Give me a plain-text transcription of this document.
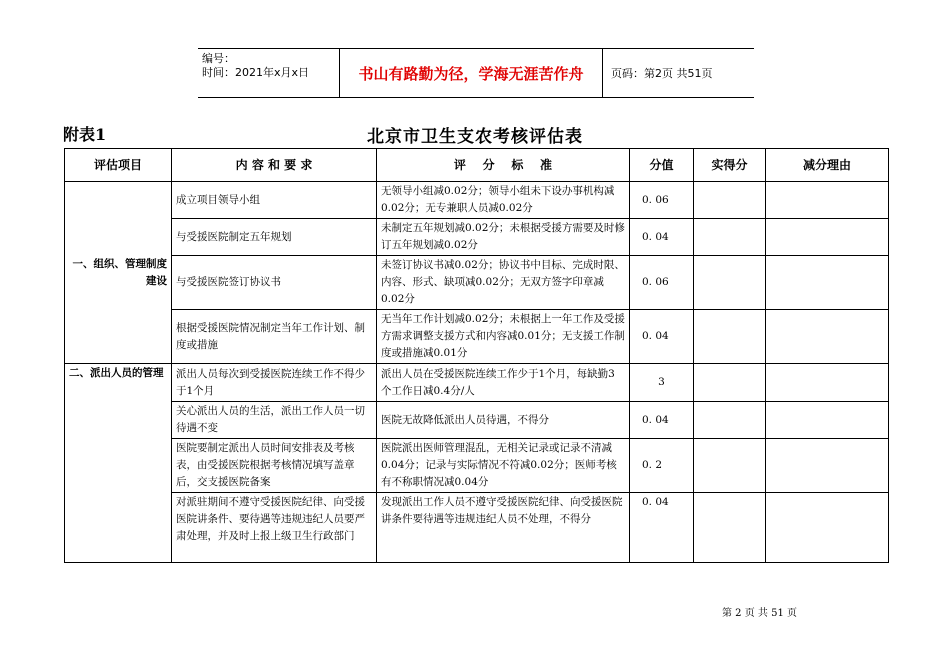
编号：
时间：2021年x月x日	书山有路勤为径，学海无涯苦作舟	页码：第2页 共51页
附表1	北京市卫生支农考核评估表
评估项目	内 容 和 要 求	评    分    标    准	分值	实得分	减分理由
一、组织、管理制度建设	成立项目领导小组	无领导小组减0.02分；领导小组未下设办事机构减0.02分；无专兼职人员减0.02分	0. 06		
	与受援医院制定五年规划	未制定五年规划减0.02分；未根据受援方需要及时修订五年规划减0.02分	0. 04		
	与受援医院签订协议书	未签订协议书减0.02分；协议书中目标、完成时限、内容、形式、缺项减0.02分；无双方签字印章减0.02分	0. 06		
	根据受援医院情况制定当年工作计划、制度或措施	无当年工作计划减0.02分；未根据上一年工作及受援方需求调整支援方式和内容减0.01分；无支援工作制度或措施减0.01分	0. 04		
二、派出人员的管理	派出人员每次到受援医院连续工作不得少于1个月	派出人员在受援医院连续工作少于1个月，每缺勤3个工作日减0.4分/人	3		
	关心派出人员的生活，派出工作人员一切待遇不变	医院无故降低派出人员待遇，不得分	0. 04		
	医院要制定派出人员时间安排表及考核表，由受援医院根据考核情况填写盖章后，交支援医院备案	医院派出医师管理混乱，无相关记录或记录不清减0.04分；记录与实际情况不符减0.02分；医师考核有不称职情况减0.04分	0. 2		
	对派驻期间不遵守受援医院纪律、向受援医院讲条件、要待遇等违规违纪人员要严肃处理，并及时上报上级卫生行政部门	发现派出工作人员不遵守受援医院纪律、向受援医院讲条件要待遇等违规违纪人员不处理，不得分	0. 04		
第 2 页 共 51 页
